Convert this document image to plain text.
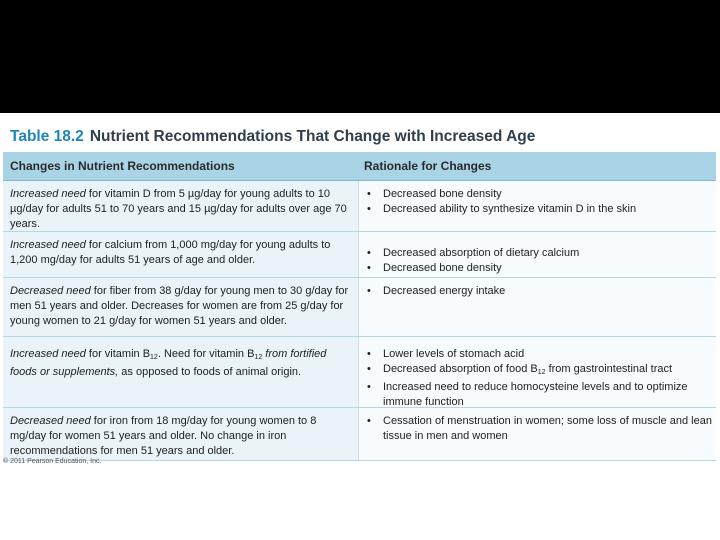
Table 18.2 Nutrient Recommendations That Change with Increased Age
Changes in Nutrient Recommendations	Rationale for Changes
Increased need for vitamin D from 5 µg/day for young adults to 10 µg/day for adults 51 to 70 years and 15 µg/day for adults over age 70 years.
• Decreased bone density
• Decreased ability to synthesize vitamin D in the skin
Increased need for calcium from 1,000 mg/day for young adults to 1,200 mg/day for adults 51 years of age and older.
• Decreased absorption of dietary calcium
• Decreased bone density
Decreased need for fiber from 38 g/day for young men to 30 g/day for men 51 years and older. Decreases for women are from 25 g/day for young women to 21 g/day for women 51 years and older.
• Decreased energy intake
Increased need for vitamin $B_{12}$. Need for vitamin $B_{12}$ from fortified foods or supplements, as opposed to foods of animal origin.
• Lower levels of stomach acid
• Decreased absorption of food $B_{12}$ from gastrointestinal tract
• Increased need to reduce homocysteine levels and to optimize immune function
Decreased need for iron from 18 mg/day for young women to 8 mg/day for women 51 years and older. No change in iron recommendations for men 51 years and older.
• Cessation of menstruation in women; some loss of muscle and lean tissue in men and women
© 2011 Pearson Education, Inc.
